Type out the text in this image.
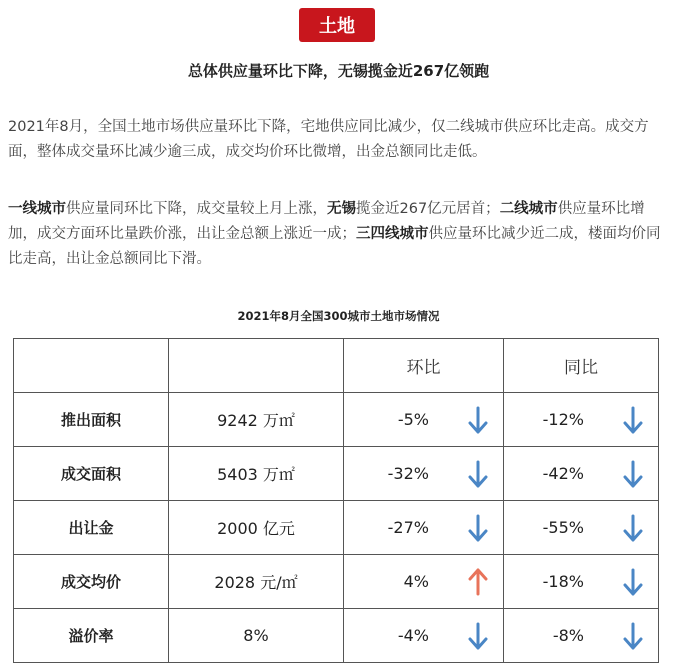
土地
总体供应量环比下降，无锡揽金近267亿领跑

2021年8月，全国土地市场供应量环比下降，宅地供应同比减少，仅二线城市供应环比走高。成交方面，整体成交量环比减少逾三成，成交均价环比微增，出金总额同比走低。

一线城市供应量同环比下降，成交量较上月上涨，无锡揽金近267亿元居首；二线城市供应量环比增加，成交方面环比量跌价涨，出让金总额上涨近一成；三四线城市供应量环比减少近二成，楼面均价同比走高，出让金总额同比下滑。

2021年8月全国300城市土地市场情况
		环比	同比
推出面积	9242 万㎡	-5%	-12%

成交面积	5403 万㎡	-32%	-42%

出让金	2000 亿元	-27%	-55%

成交均价	2028 元/㎡	4%	-18%

溢价率	8%	-4%	-8%
